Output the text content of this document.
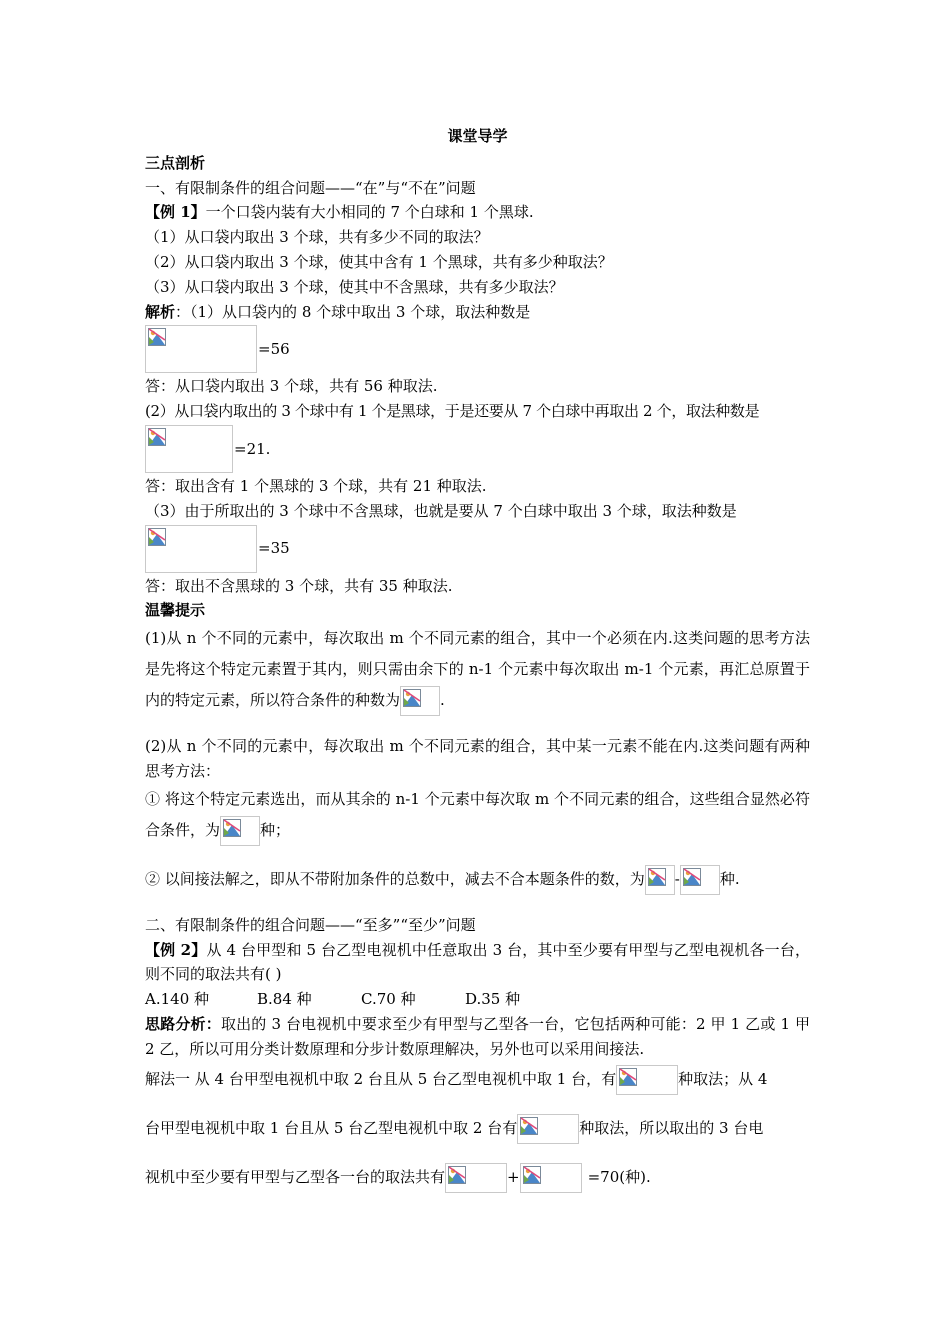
课堂导学

三点剖析

一、有限制条件的组合问题——“在”与“不在”问题

【例 1】一个口袋内装有大小相同的 7 个白球和 1 个黑球.

（1）从口袋内取出 3 个球，共有多少不同的取法？

（2）从口袋内取出 3 个球，使其中含有 1 个黑球，共有多少种取法？

（3）从口袋内取出 3 个球，使其中不含黑球，共有多少取法？

解析：（1）从口袋内的 8 个球中取出 3 个球，取法种数是

=56

答：从口袋内取出 3 个球，共有 56 种取法.

(2）从口袋内取出的 3 个球中有 1 个是黑球，于是还要从 7 个白球中再取出 2 个，取法种数是

=21.

答：取出含有 1 个黑球的 3 个球，共有 21 种取法.

（3）由于所取出的 3 个球中不含黑球，也就是要从 7 个白球中取出 3 个球，取法种数是

=35

答：取出不含黑球的 3 个球，共有 35 种取法.

温馨提示

(1)从 n 个不同的元素中，每次取出 m 个不同元素的组合，其中一个必须在内.这类问题的思考方法是先将这个特定元素置于其内，则只需由余下的 n-1 个元素中每次取出 m-1 个元素，再汇总原置于内的特定元素，所以符合条件的种数为	.

(2)从 n 个不同的元素中，每次取出 m 个不同元素的组合，其中某一元素不能在内.这类问题有两种思考方法：

① 将这个特定元素选出，而从其余的 n-1 个元素中每次取 m 个不同元素的组合，这些组合显然必符合条件，为	种；

② 以间接法解之，即从不带附加条件的总数中，减去不合本题条件的数，为 -	种.

二、有限制条件的组合问题——“至多”“至少”问题

【例 2】从 4 台甲型和 5 台乙型电视机中任意取出 3 台，其中至少要有甲型与乙型电视机各一台，则不同的取法共有( )

A.140 种	B.84 种	C.70 种	D.35 种

思路分析：取出的 3 台电视机中要求至少有甲型与乙型各一台，它包括两种可能：2 甲 1 乙或 1 甲 2 乙，所以可用分类计数原理和分步计数原理解决，另外也可以采用间接法.

解法一 从 4 台甲型电视机中取 2 台且从 5 台乙型电视机中取 1 台，有	种取法；从 4

台甲型电视机中取 1 台且从 5 台乙型电视机中取 2 台有	种取法，所以取出的 3 台电

视机中至少要有甲型与乙型各一台的取法共有	+	=70(种).
